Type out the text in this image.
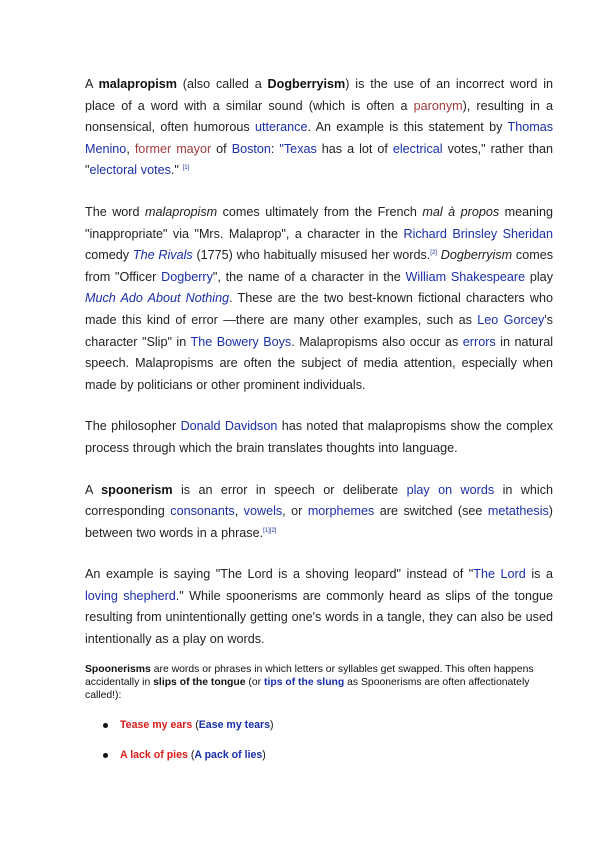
A malapropism (also called a Dogberryism) is the use of an incorrect word in place of a word with a similar sound (which is often a paronym), resulting in a nonsensical, often humorous utterance. An example is this statement by Thomas Menino, former mayor of Boston: "Texas has a lot of electrical votes," rather than "electoral votes." [1]

The word malapropism comes ultimately from the French mal à propos meaning "inappropriate" via "Mrs. Malaprop", a character in the Richard Brinsley Sheridan comedy The Rivals (1775) who habitually misused her words.[2] Dogberryism comes from "Officer Dogberry", the name of a character in the William Shakespeare play Much Ado About Nothing. These are the two best-known fictional characters who made this kind of error —there are many other examples, such as Leo Gorcey's character "Slip" in The Bowery Boys. Malapropisms also occur as errors in natural speech. Malapropisms are often the subject of media attention, especially when made by politicians or other prominent individuals.

The philosopher Donald Davidson has noted that malapropisms show the complex process through which the brain translates thoughts into language.

A spoonerism is an error in speech or deliberate play on words in which corresponding consonants, vowels, or morphemes are switched (see metathesis) between two words in a phrase.[1][2]

An example is saying "The Lord is a shoving leopard" instead of "The Lord is a loving shepherd." While spoonerisms are commonly heard as slips of the tongue resulting from unintentionally getting one's words in a tangle, they can also be used intentionally as a play on words.

Spoonerisms are words or phrases in which letters or syllables get swapped. This often happens accidentally in slips of the tongue (or tips of the slung as Spoonerisms are often affectionately called!):

Tease my ears (Ease my tears)
A lack of pies (A pack of lies)
